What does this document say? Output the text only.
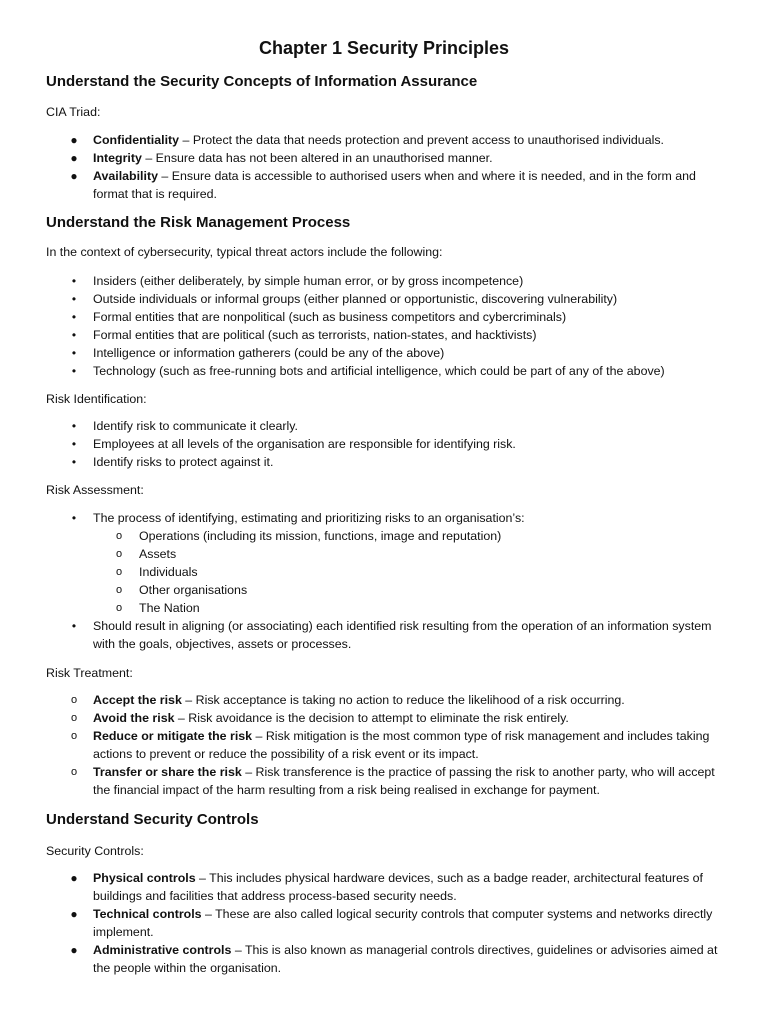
Chapter 1 Security Principles
Understand the Security Concepts of Information Assurance

CIA Triad:

● Confidentiality – Protect the data that needs protection and prevent access to unauthorised individuals.
● Integrity – Ensure data has not been altered in an unauthorised manner.
● Availability – Ensure data is accessible to authorised users when and where it is needed, and in the form and format that is required.
Understand the Risk Management Process

In the context of cybersecurity, typical threat actors include the following:

• Insiders (either deliberately, by simple human error, or by gross incompetence)
• Outside individuals or informal groups (either planned or opportunistic, discovering vulnerability)
• Formal entities that are nonpolitical (such as business competitors and cybercriminals)
• Formal entities that are political (such as terrorists, nation-states, and hacktivists)
• Intelligence or information gatherers (could be any of the above)
• Technology (such as free-running bots and artificial intelligence, which could be part of any of the above)

Risk Identification:

• Identify risk to communicate it clearly.
• Employees at all levels of the organisation are responsible for identifying risk.
• Identify risks to protect against it.

Risk Assessment:

• The process of identifying, estimating and prioritizing risks to an organisation’s:
o Operations (including its mission, functions, image and reputation)
o Assets
o Individuals
o Other organisations
o The Nation
• Should result in aligning (or associating) each identified risk resulting from the operation of an information system with the goals, objectives, assets or processes.

Risk Treatment:

o Accept the risk – Risk acceptance is taking no action to reduce the likelihood of a risk occurring.
o Avoid the risk – Risk avoidance is the decision to attempt to eliminate the risk entirely.
o Reduce or mitigate the risk – Risk mitigation is the most common type of risk management and includes taking actions to prevent or reduce the possibility of a risk event or its impact.
o Transfer or share the risk – Risk transference is the practice of passing the risk to another party, who will accept the financial impact of the harm resulting from a risk being realised in exchange for payment.
Understand Security Controls

Security Controls:

● Physical controls – This includes physical hardware devices, such as a badge reader, architectural features of buildings and facilities that address process-based security needs.
● Technical controls – These are also called logical security controls that computer systems and networks directly implement.
● Administrative controls – This is also known as managerial controls directives, guidelines or advisories aimed at the people within the organisation.
